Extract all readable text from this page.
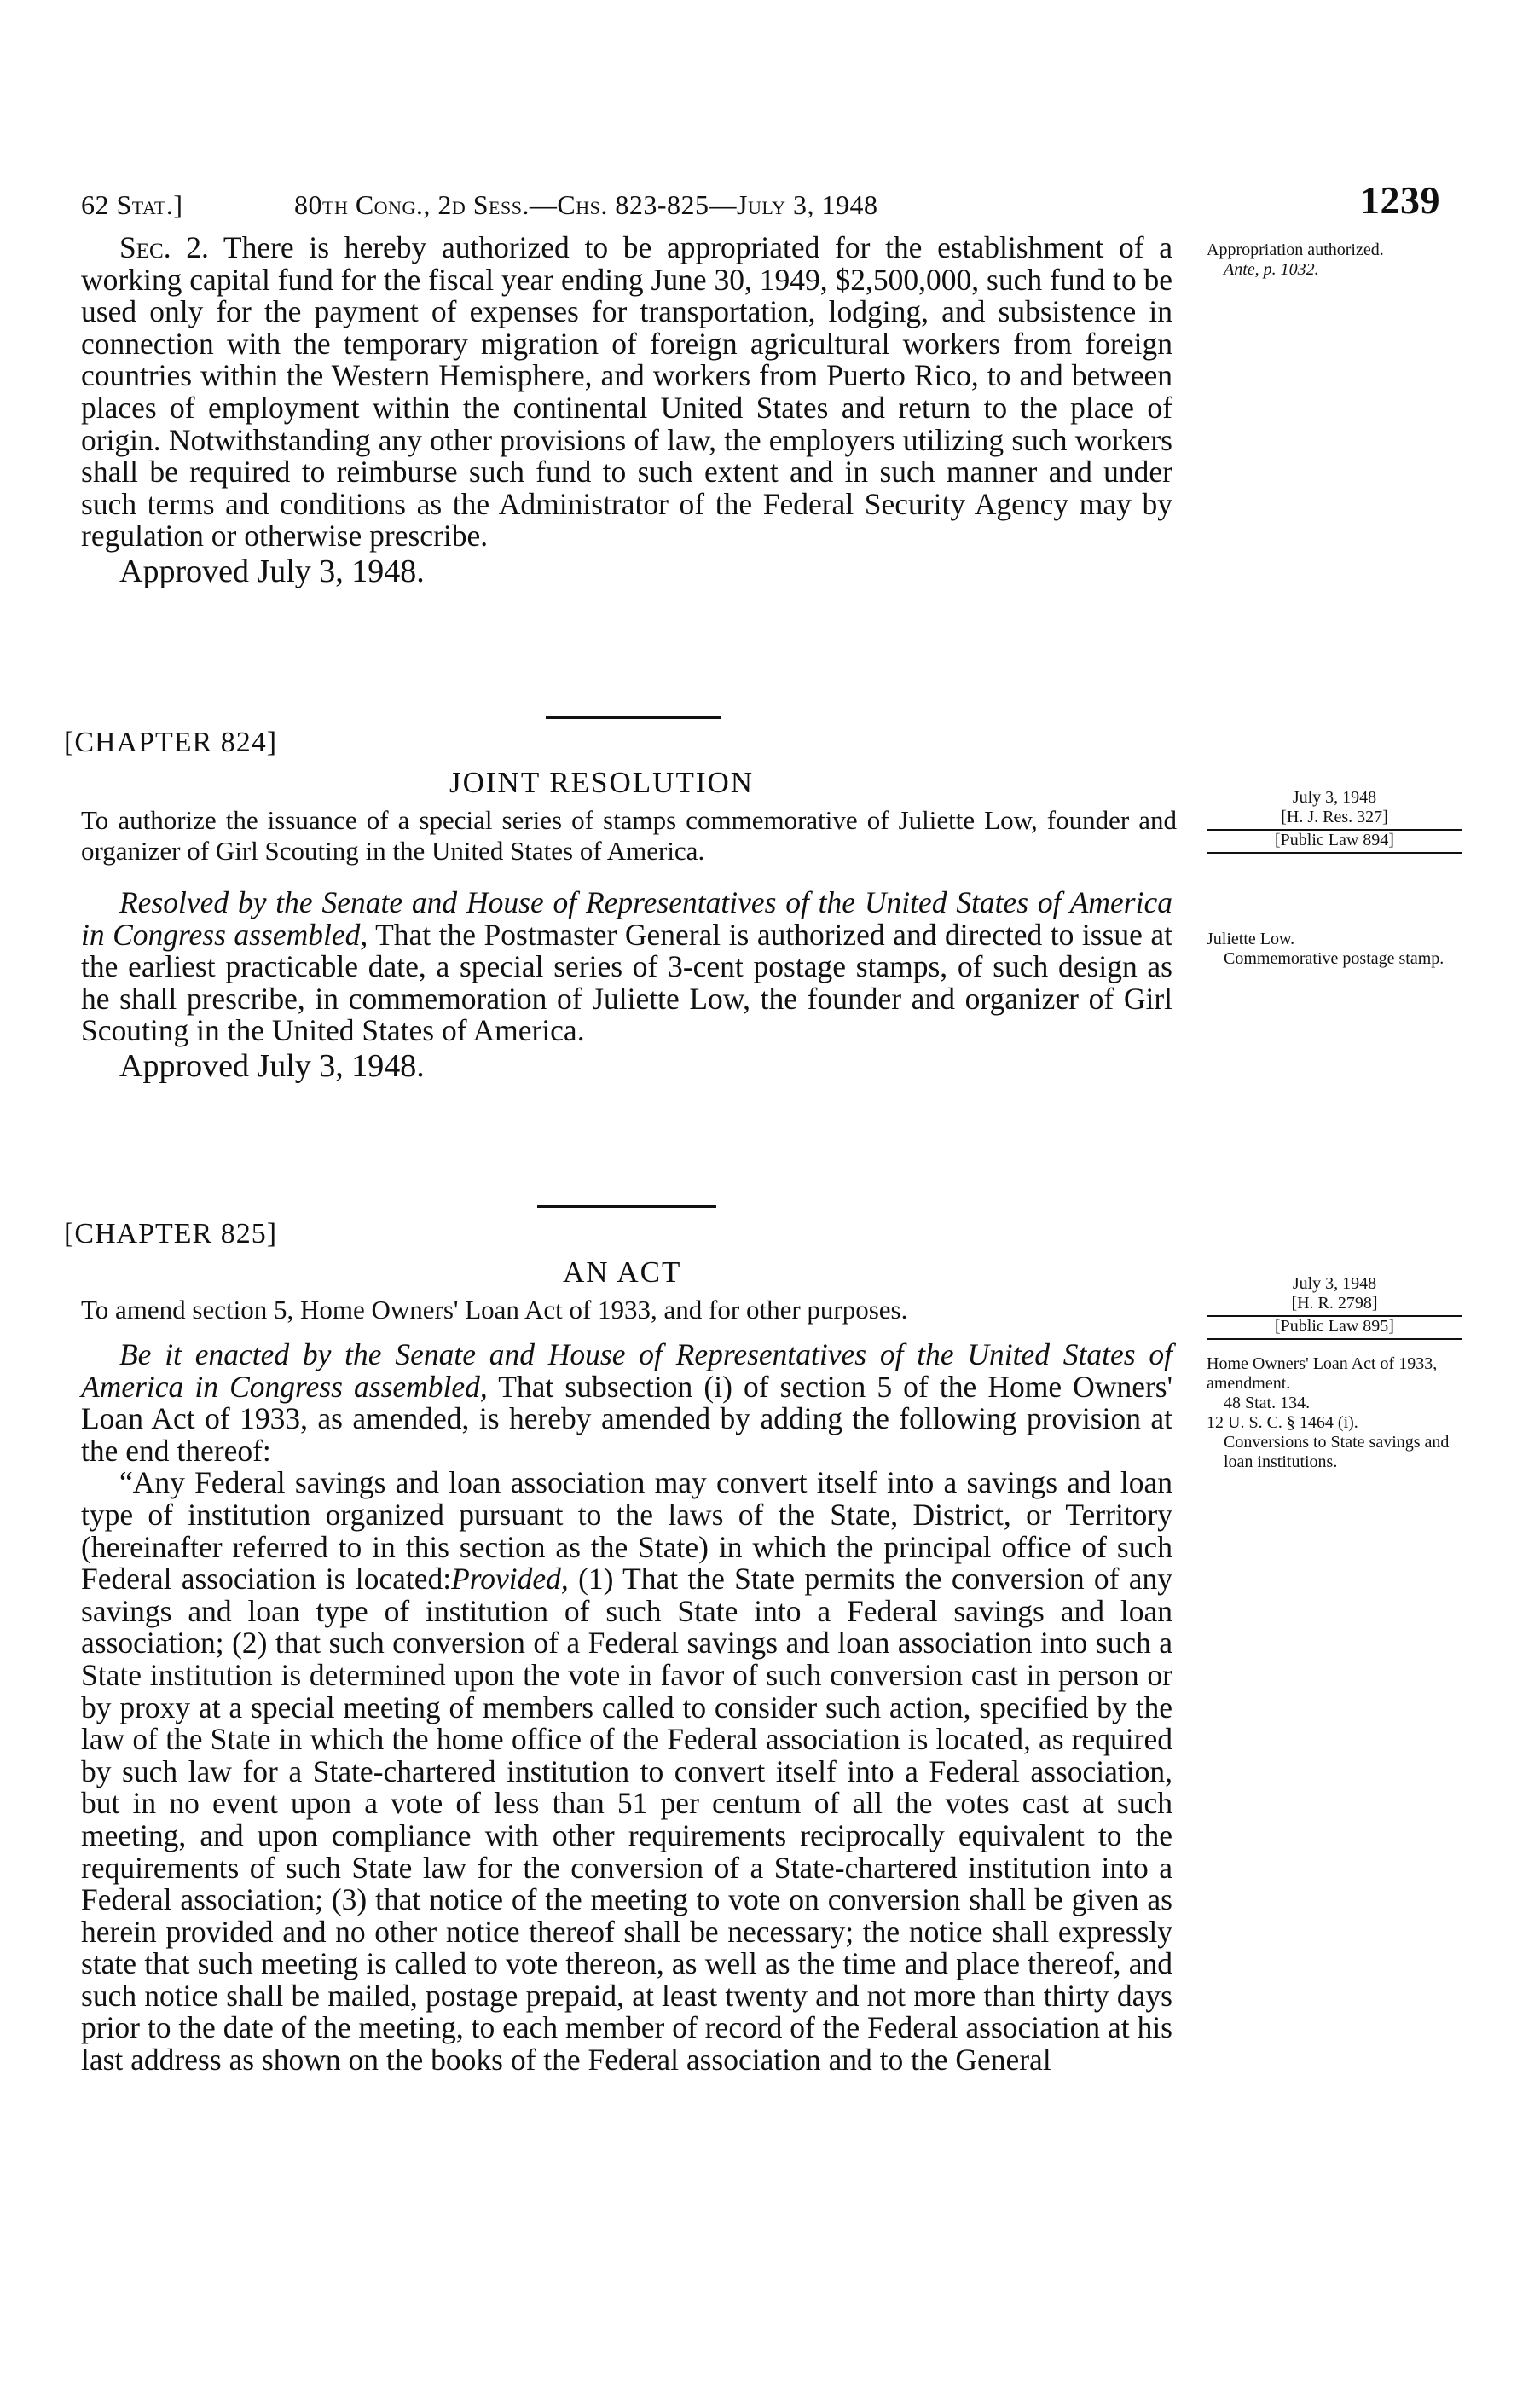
62 Stat.]	80th Cong., 2d Sess.—Chs. 823-825—July 3, 1948	1239

Sec. 2. There is hereby authorized to be appropriated for the establishment of a working capital fund for the fiscal year ending June 30, 1949, $2,500,000, such fund to be used only for the payment of expenses for transportation, lodging, and subsistence in connection with the temporary migration of foreign agricultural workers from foreign countries within the Western Hemisphere, and workers from Puerto Rico, to and between places of employment within the continental United States and return to the place of origin. Notwithstanding any other provisions of law, the employers utilizing such workers shall be required to reimburse such fund to such extent and in such manner and under such terms and conditions as the Administrator of the Federal Security Agency may by regulation or otherwise prescribe.

Approved July 3, 1948.

Appropriation authorized.
Ante, p. 1032.
[CHAPTER 824]
JOINT RESOLUTION
To authorize the issuance of a special series of stamps commemorative of Juliette Low, founder and organizer of Girl Scouting in the United States of America.
July 3, 1948
[H. J. Res. 327]
[Public Law 894]

Resolved by the Senate and House of Representatives of the United States of America in Congress assembled, That the Postmaster General is authorized and directed to issue at the earliest practicable date, a special series of 3-cent postage stamps, of such design as he shall prescribe, in commemoration of Juliette Low, the founder and organizer of Girl Scouting in the United States of America.

Approved July 3, 1948.

Juliette Low.
Commemorative postage stamp.
[CHAPTER 825]
AN ACT
To amend section 5, Home Owners' Loan Act of 1933, and for other purposes.
July 3, 1948
[H. R. 2798]
[Public Law 895]

Be it enacted by the Senate and House of Representatives of the United States of America in Congress assembled, That subsection (i) of section 5 of the Home Owners' Loan Act of 1933, as amended, is hereby amended by adding the following provision at the end thereof:

“Any Federal savings and loan association may convert itself into a savings and loan type of institution organized pursuant to the laws of the State, District, or Territory (hereinafter referred to in this section as the State) in which the principal office of such Federal association is located:Provided, (1) That the State permits the conversion of any savings and loan type of institution of such State into a Federal savings and loan association; (2) that such conversion of a Federal savings and loan association into such a State institution is determined upon the vote in favor of such conversion cast in person or by proxy at a special meeting of members called to consider such action, specified by the law of the State in which the home office of the Federal association is located, as required by such law for a State-chartered institution to convert itself into a Federal association, but in no event upon a vote of less than 51 per centum of all the votes cast at such meeting, and upon compliance with other requirements reciprocally equivalent to the requirements of such State law for the conversion of a State-chartered institution into a Federal association; (3) that notice of the meeting to vote on conversion shall be given as herein provided and no other notice thereof shall be necessary; the notice shall expressly state that such meeting is called to vote thereon, as well as the time and place thereof, and such notice shall be mailed, postage prepaid, at least twenty and not more than thirty days prior to the date of the meeting, to each member of record of the Federal association at his last address as shown on the books of the Federal association and to the General

Home Owners' Loan Act of 1933, amendment.
48 Stat. 134.
12 U. S. C. § 1464 (i).
Conversions to State savings and loan institutions.
